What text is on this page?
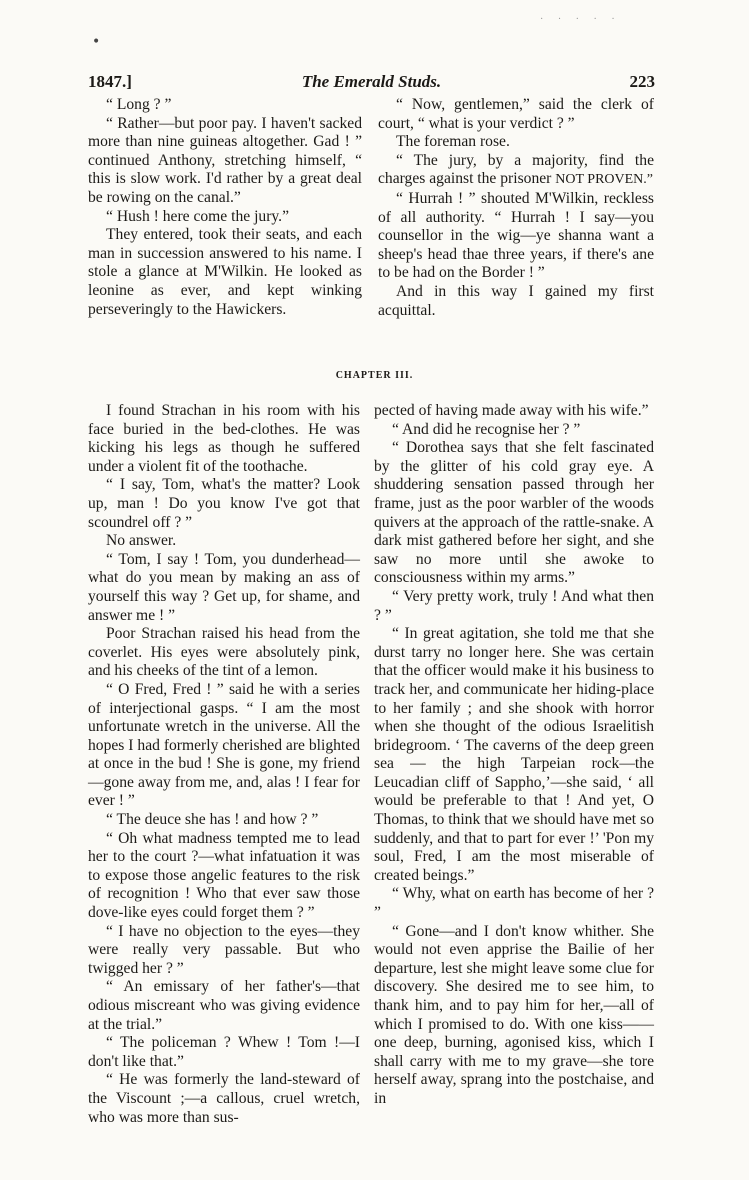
· · · · ·
•
1847.]	The Emerald Studs.	223

“ Long ? ”

“ Rather—but poor pay. I haven't sacked more than nine guineas altogether. Gad ! ” continued Anthony, stretching himself, “ this is slow work. I'd rather by a great deal be rowing on the canal.”

“ Hush ! here come the jury.”

They entered, took their seats, and each man in succession answered to his name. I stole a glance at M'Wilkin. He looked as leonine as ever, and kept winking perseveringly to the Hawickers.

“ Now, gentlemen,” said the clerk of court, “ what is your verdict ? ”

The foreman rose.

“ The jury, by a majority, find the charges against the prisoner NOT PROVEN.”

“ Hurrah ! ” shouted M'Wilkin, reckless of all authority. “ Hurrah ! I say—you counsellor in the wig—ye shanna want a sheep's head thae three years, if there's ane to be had on the Border ! ”

And in this way I gained my first acquittal.

CHAPTER III.

I found Strachan in his room with his face buried in the bed-clothes. He was kicking his legs as though he suffered under a violent fit of the toothache.

“ I say, Tom, what's the matter? Look up, man ! Do you know I've got that scoundrel off ? ”

No answer.

“ Tom, I say ! Tom, you dunderhead—what do you mean by making an ass of yourself this way ? Get up, for shame, and answer me ! ”

Poor Strachan raised his head from the coverlet. His eyes were absolutely pink, and his cheeks of the tint of a lemon.

“ O Fred, Fred ! ” said he with a series of interjectional gasps. “ I am the most unfortunate wretch in the universe. All the hopes I had formerly cherished are blighted at once in the bud ! She is gone, my friend—gone away from me, and, alas ! I fear for ever ! ”

“ The deuce she has ! and how ? ”

“ Oh what madness tempted me to lead her to the court ?—what infatuation it was to expose those angelic features to the risk of recognition ! Who that ever saw those dove-like eyes could forget them ? ”

“ I have no objection to the eyes—they were really very passable. But who twigged her ? ”

“ An emissary of her father's—that odious miscreant who was giving evidence at the trial.”

“ The policeman ? Whew ! Tom !—I don't like that.”

“ He was formerly the land-steward of the Viscount ;—a callous, cruel wretch, who was more than sus-

pected of having made away with his wife.”

“ And did he recognise her ? ”

“ Dorothea says that she felt fascinated by the glitter of his cold gray eye. A shuddering sensation passed through her frame, just as the poor warbler of the woods quivers at the approach of the rattle-snake. A dark mist gathered before her sight, and she saw no more until she awoke to consciousness within my arms.”

“ Very pretty work, truly ! And what then ? ”

“ In great agitation, she told me that she durst tarry no longer here. She was certain that the officer would make it his business to track her, and communicate her hiding-place to her family ; and she shook with horror when she thought of the odious Israelitish bridegroom. ‘ The caverns of the deep green sea — the high Tarpeian rock—the Leucadian cliff of Sappho,’—she said, ‘ all would be preferable to that ! And yet, O Thomas, to think that we should have met so suddenly, and that to part for ever !’ 'Pon my soul, Fred, I am the most miserable of created beings.”

“ Why, what on earth has become of her ? ”

“ Gone—and I don't know whither. She would not even apprise the Bailie of her departure, lest she might leave some clue for discovery. She desired me to see him, to thank him, and to pay him for her,—all of which I promised to do. With one kiss——one deep, burning, agonised kiss, which I shall carry with me to my grave—she tore herself away, sprang into the postchaise, and in
